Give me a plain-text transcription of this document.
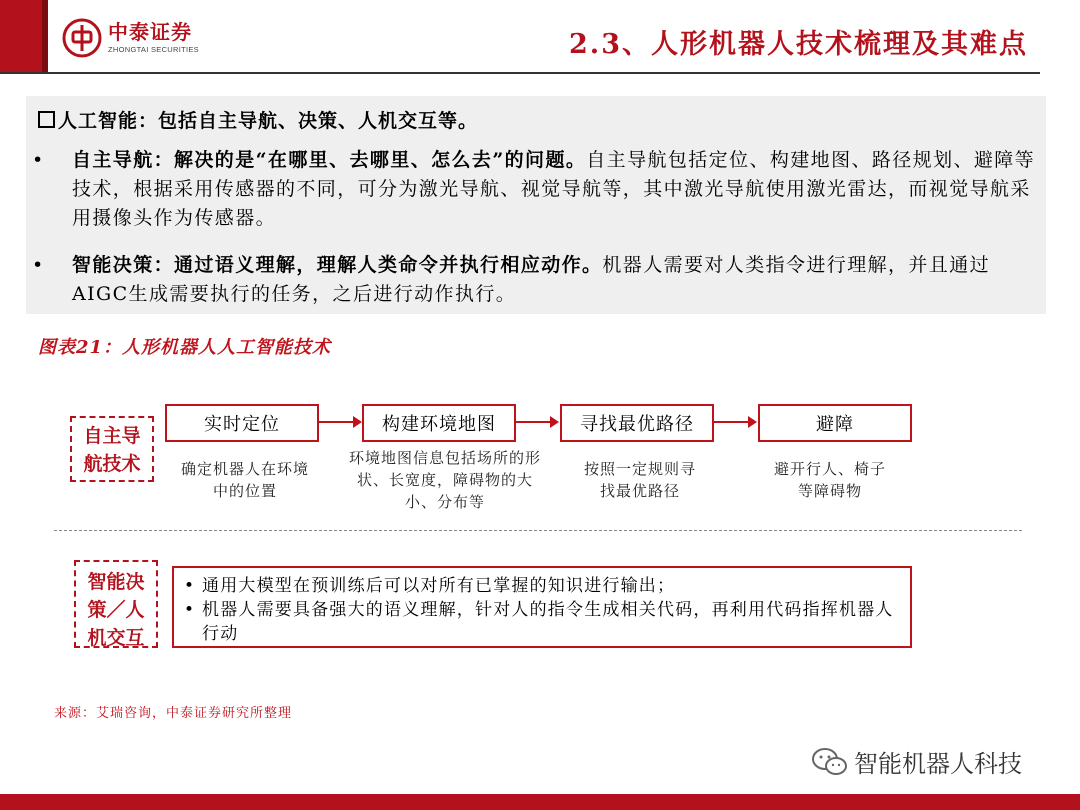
中泰证券
ZHONGTAI SECURITIES	2.3、人形机器人技术梳理及其难点
人工智能：包括自主导航、决策、人机交互等。
•	自主导航：解决的是“在哪里、去哪里、怎么去”的问题。自主导航包括定位、构建地图、路径规划、避障等技术，根据采用传感器的不同，可分为激光导航、视觉导航等，其中激光导航使用激光雷达，而视觉导航采用摄像头作为传感器。
•	智能决策：通过语义理解，理解人类命令并执行相应动作。机器人需要对人类指令进行理解，并且通过AIGC生成需要执行的任务，之后进行动作执行。
图表21：人形机器人人工智能技术
自主导航技术
实时定位	构建环境地图	寻找最优路径	避障
确定机器人在环境中的位置
环境地图信息包括场所的形状、长宽度，障碍物的大小、分布等
按照一定规则寻找最优路径
避开行人、椅子等障碍物
智能决策／人机交互
• 通用大模型在预训练后可以对所有已掌握的知识进行输出；
• 机器人需要具备强大的语义理解，针对人的指令生成相关代码，再利用代码指挥机器人行动
来源：艾瑞咨询，中泰证券研究所整理
智能机器人科技
